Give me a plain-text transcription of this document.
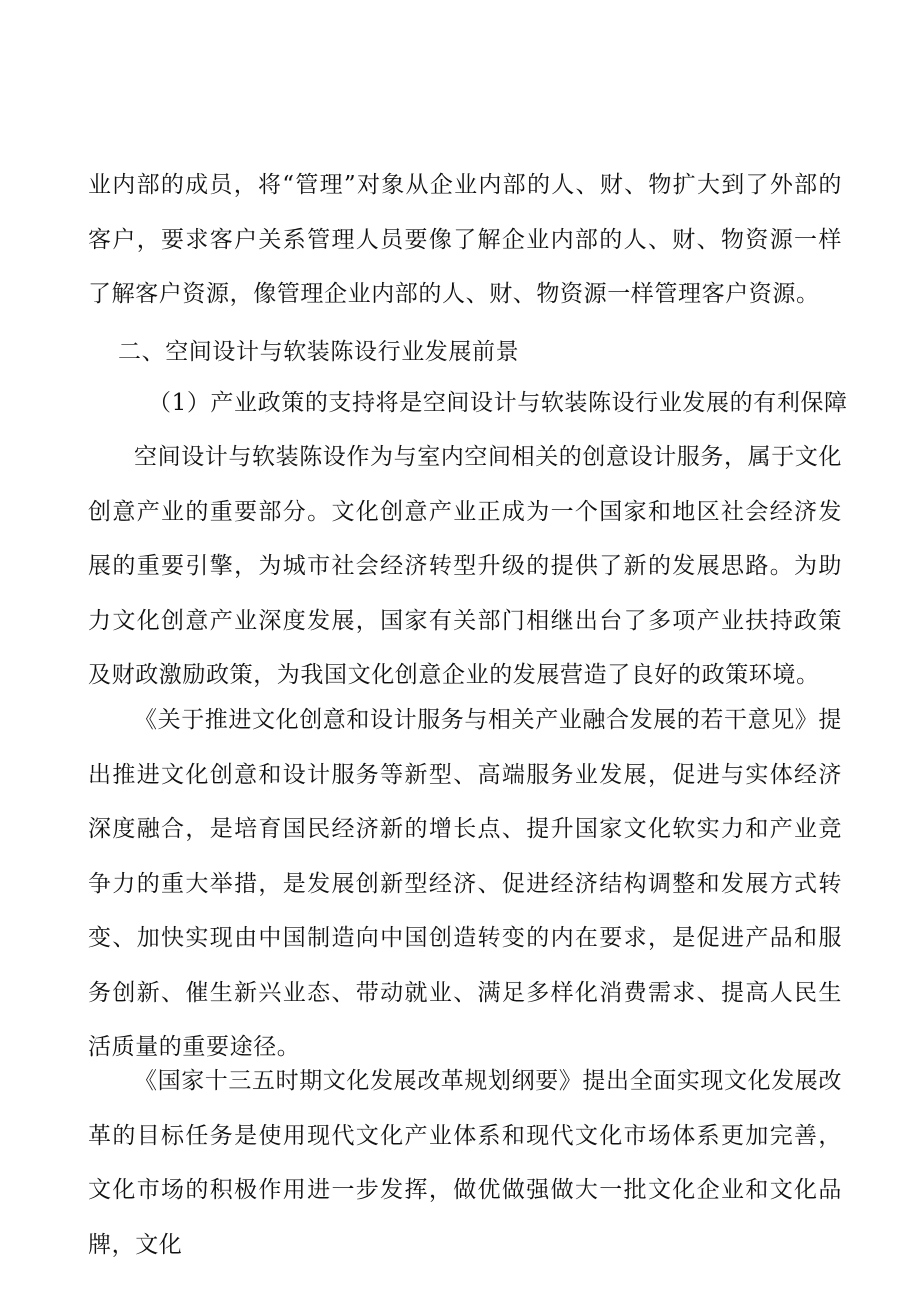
业内部的成员，将“管理”对象从企业内部的人、财、物扩大到了外部的客户，要求客户关系管理人员要像了解企业内部的人、财、物资源一样了解客户资源，像管理企业内部的人、财、物资源一样管理客户资源。

二、空间设计与软装陈设行业发展前景

（1）产业政策的支持将是空间设计与软装陈设行业发展的有利保障

空间设计与软装陈设作为与室内空间相关的创意设计服务，属于文化创意产业的重要部分。文化创意产业正成为一个国家和地区社会经济发展的重要引擎，为城市社会经济转型升级的提供了新的发展思路。为助力文化创意产业深度发展，国家有关部门相继出台了多项产业扶持政策及财政激励政策，为我国文化创意企业的发展营造了良好的政策环境。

《关于推进文化创意和设计服务与相关产业融合发展的若干意见》提出推进文化创意和设计服务等新型、高端服务业发展，促进与实体经济深度融合，是培育国民经济新的增长点、提升国家文化软实力和产业竞争力的重大举措，是发展创新型经济、促进经济结构调整和发展方式转变、加快实现由中国制造向中国创造转变的内在要求，是促进产品和服务创新、催生新兴业态、带动就业、满足多样化消费需求、提高人民生活质量的重要途径。

《国家十三五时期文化发展改革规划纲要》提出全面实现文化发展改革的目标任务是使用现代文化产业体系和现代文化市场体系更加完善，文化市场的积极作用进一步发挥，做优做强做大一批文化企业和文化品牌，文化
